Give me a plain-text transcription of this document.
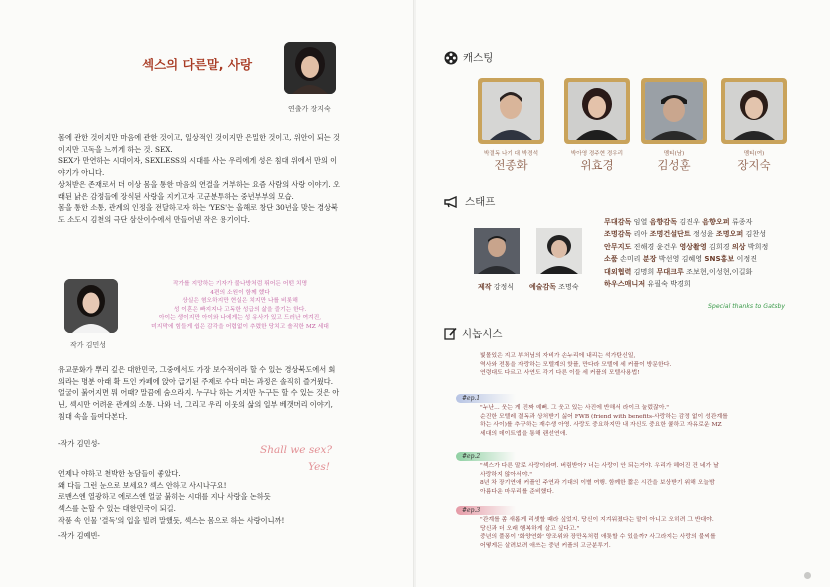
섹스의 다른말, 사랑
연출가 장지숙
몸에 관한 것이지만 마음에 관한 것이고, 일상적인 것이지만 은밀한 것이고, 위안이 되는 것이지만 고독을 느끼게 하는 것. SEX.
SEX가 만연하는 시대이자, SEXLESS의 시대를 사는 우리에게 성은 침대 위에서 만의 이야기가 아니다.
상처받은 존재로서 더 이상 몸을 통한 마음의 연결을 거부하는 요즘 사람의 사랑 이야기. 오래된 낡은 감정들에 장식된 사랑을 지키고자 고군분투하는 중년부부의 모습.
몸을 통한 소통, 관계의 인정을 전달하고자 하는 'YES'는 올해로 창단 30년을 맞는 경상북도 소도시 김천의 극단 삼산이수에서 만들어낸 작은 용기이다.
작가 김민성
작가를 지망하는 기자가 불나방처럼 뛰어든 어떤 치명
4편의 소원이 함께 했다
상실은 혐오하지만 현실은 치지만 나를 비롯해
성 이혼은 빠지지나 고독한 성급의 삶을 즐기는 한다.
아이는 생이지만 아이와 나에게는 성 유사가 있고 드러난 여겨진,
미지막에 힘들게 쉽은 감각을 어렵없이 추렸한 당치고 솔직한 MZ 세대
유교문화가 뿌리 깊은 대한민국, 그중에서도 가장 보수적이라 할 수 있는 경상북도에서 회의라는 명분 아래 확 트인 카페에 앉아 급기된 주제로 수다 떠는 과정은 솔직히 즐거웠다. 얼굴이 붉어지면 뭐 어때? 말끔에 숨으라지. 누구나 하는 거지만 누구든 할 수 있는 것은 아닌, 섹시만 어려운 관계의 소통. 나와 너, 그리고 우리 이웃의 삶의 일부 베갯머리 이야기, 침대 속을 들여다본다.
-작가 김민성-
Shall we sex?
Yes!
언제나 야하고 천박한 농담들이 좋았다.
왜 다들 그런 눈으로 보세요? 섹스 안하고 사시나구요!
로맨스엔 열광하고 에로스엔 얼굴 붉히는 시대를 지나 사랑을 논하듯
섹스를 논할 수 있는 대한민국이 되길.
작품 속 인물 '결독'의 입을 빌려 말했듯, 섹스는 몸으로 하는 사랑이니까!
-작가 김예빈-
캐스팅
박결독 나기 대 박경석
전종화
박아영 경주현 경우리
위효경
멤티(남)
김성훈
멤티(여)
장지숙
스태프
제작 강정식 예술감독 조명숙
무대감독 임열 음향감독 김진우 음향오퍼 류종자
조명감독 리아 조명건설단트 정성윤 조명오퍼 김찬성
안무지도 진해경 윤건우 영상촬영 김희경 의상 박희정
소품 손미리 분장 박선영 김혜영 SNS홍보 이정진
대외협력 김명희 무대크루 조보현,이성현,이길화
하우스매니저 유필숙 박경희
Special thanks to Gatsby
시놉시스
빛몰있은 지고 부처님의 자비가 손누리에 내리는 석가탄신일,
역사와 전통을 자랑하는 모텔계의 핫플, 만다라 모텔에 세 커플이 방문한다.
연령대도 다르고 사연도 각기 다른 이들 세 커플의 모텔사용법!
#ep.1
"누난... 웃는 게 진짜 예뻐. 그 웃고 있는 사진에 반해서 라이크 눌렀잖아."
순진한 모텔레 결독과 상처받기 싫어 FWB (friend with benefits-사랑하는 감정 없이 성관계를
하는 사이)를 추구하는 재수생 아영. 사랑도 중요하지만 내 자신도 중요한 쿨하고 자유로운 MZ
세대의 데이트앱을 통해 랜선연애.
#ep.2
"섹스가 다른 말로 사랑이라며. 버림받아? 너는 사랑이 안 되는거야. 우리가 헤어진 건 네가 날
사랑하지 않아서야."
8년 차 장기연애 커플인 주연과 기대의 이별 여행. 함께한 짧은 시간을 보상받기 위해 오늘밤
아름다운 마무리를 준비했다.
#ep.3
"관계를 좀 새롭게 리셋할 때라 싶었지. 당신이 지겨워졌다는 말이 아니고 오히려 그 반대야.
당신과 더 오래 행복하게 살고 싶다고."
중년의 풀퐁이 '화양연화' 양조위와 장만옥처럼 애틋할 수 있을까? 사그라지는 사랑의 불씨를
어떻게든 살려보려 애쓰는 중년 커플의 고군분투기.
